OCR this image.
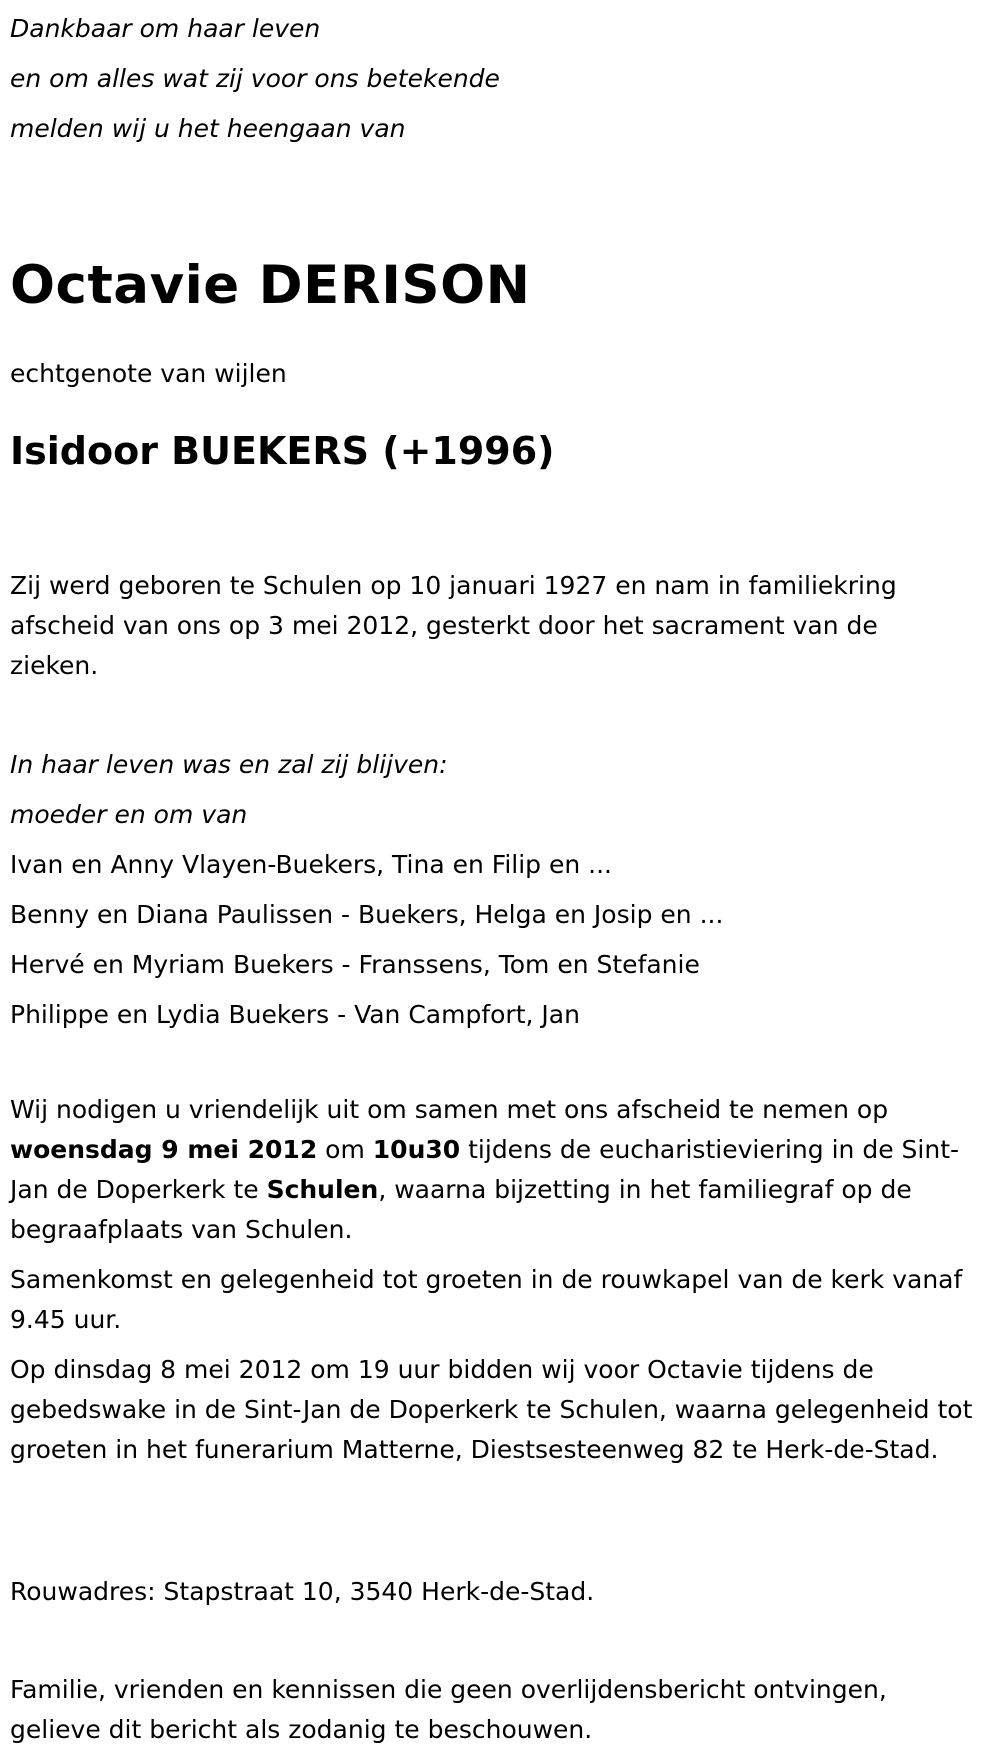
Dankbaar om haar leven

en om alles wat zij voor ons betekende

melden wij u het heengaan van

Octavie DERISON

echtgenote van wijlen

Isidoor BUEKERS (+1996)

Zij werd geboren te Schulen op 10 januari 1927 en nam in familiekring afscheid van ons op 3 mei 2012, gesterkt door het sacrament van de zieken.

In haar leven was en zal zij blijven:

moeder en om van

Ivan en Anny Vlayen-Buekers, Tina en Filip en ...

Benny en Diana Paulissen - Buekers, Helga en Josip en ...

Hervé en Myriam Buekers - Franssens, Tom en Stefanie

Philippe en Lydia Buekers - Van Campfort, Jan

Wij nodigen u vriendelijk uit om samen met ons afscheid te nemen op woensdag 9 mei 2012 om 10u30 tijdens de eucharistieviering in de Sint-Jan de Doperkerk te Schulen, waarna bijzetting in het familiegraf op de begraafplaats van Schulen.

Samenkomst en gelegenheid tot groeten in de rouwkapel van de kerk vanaf 9.45 uur.

Op dinsdag 8 mei 2012 om 19 uur bidden wij voor Octavie tijdens de gebedswake in de Sint-Jan de Doperkerk te Schulen, waarna gelegenheid tot groeten in het funerarium Matterne, Diestsesteenweg 82 te Herk-de-Stad.

Rouwadres: Stapstraat 10, 3540 Herk-de-Stad.

Familie, vrienden en kennissen die geen overlijdensbericht ontvingen, gelieve dit bericht als zodanig te beschouwen.
